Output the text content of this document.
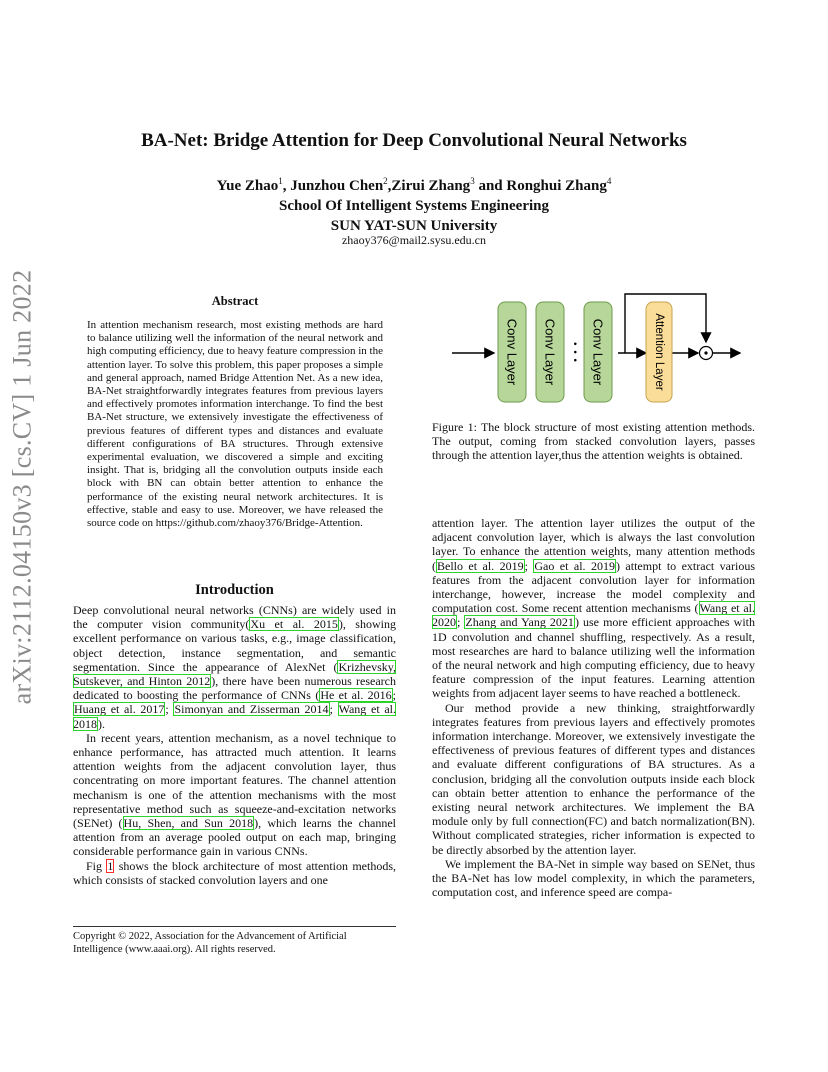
arXiv:2112.04150v3 [cs.CV] 1 Jun 2022
BA-Net: Bridge Attention for Deep Convolutional Neural Networks
Yue Zhao$^1$, Junzhou Chen$^2$,Zirui Zhang$^3$ and Ronghui Zhang$^4$
School Of Intelligent Systems Engineering
SUN YAT-SUN University
zhaoy376@mail2.sysu.edu.cn
Abstract

In attention mechanism research, most existing methods are hard to balance utilizing well the information of the neural network and high computing efficiency, due to heavy feature compression in the attention layer. To solve this problem, this paper proposes a simple and general approach, named Bridge Attention Net. As a new idea, BA-Net straightforwardly integrates features from previous layers and effectively promotes information interchange. To find the best BA-Net structure, we extensively investigate the effectiveness of previous features of different types and distances and evaluate different configurations of BA structures. Through extensive experimental evaluation, we discovered a simple and exciting insight. That is, bridging all the convolution outputs inside each block with BN can obtain better attention to enhance the performance of the existing neural network architectures. It is effective, stable and easy to use. Moreover, we have released the source code on https://github.com/zhaoy376/Bridge-Attention.

Introduction

Deep convolutional neural networks (CNNs) are widely used in the computer vision community(Xu et al. 2015), showing excellent performance on various tasks, e.g., image classification, object detection, instance segmentation, and semantic segmentation. Since the appearance of AlexNet (Krizhevsky, Sutskever, and Hinton 2012), there have been numerous research dedicated to boosting the performance of CNNs (He et al. 2016; Huang et al. 2017; Simonyan and Zisserman 2014; Wang et al. 2018).

In recent years, attention mechanism, as a novel technique to enhance performance, has attracted much attention. It learns attention weights from the adjacent convolution layer, thus concentrating on more important features. The channel attention mechanism is one of the attention mechanisms with the most representative method such as squeeze-and-excitation networks (SENet) (Hu, Shen, and Sun 2018), which learns the channel attention from an average pooled output on each map, bringing considerable performance gain in various CNNs.

Fig 1 shows the block architecture of most attention methods, which consists of stacked convolution layers and one

Copyright © 2022, Association for the Advancement of Artificial Intelligence (www.aaai.org). All rights reserved.
Conv Layer Conv Layer	Conv Layer	Attention Layer
• • •
Figure 1: The block structure of most existing attention methods. The output, coming from stacked convolution layers, passes through the attention layer,thus the attention weights is obtained.

attention layer. The attention layer utilizes the output of the adjacent convolution layer, which is always the last convolution layer. To enhance the attention weights, many attention methods (Bello et al. 2019; Gao et al. 2019) attempt to extract various features from the adjacent convolution layer for information interchange, however, increase the model complexity and computation cost. Some recent attention mechanisms (Wang et al. 2020; Zhang and Yang 2021) use more efficient approaches with 1D convolution and channel shuffling, respectively. As a result, most researches are hard to balance utilizing well the information of the neural network and high computing efficiency, due to heavy feature compression of the input features. Learning attention weights from adjacent layer seems to have reached a bottleneck.

Our method provide a new thinking, straightforwardly integrates features from previous layers and effectively promotes information interchange. Moreover, we extensively investigate the effectiveness of previous features of different types and distances and evaluate different configurations of BA structures. As a conclusion, bridging all the convolution outputs inside each block can obtain better attention to enhance the performance of the existing neural network architectures. We implement the BA module only by full connection(FC) and batch normalization(BN). Without complicated strategies, richer information is expected to be directly absorbed by the attention layer.

We implement the BA-Net in simple way based on SENet, thus the BA-Net has low model complexity, in which the parameters, computation cost, and inference speed are compa-
